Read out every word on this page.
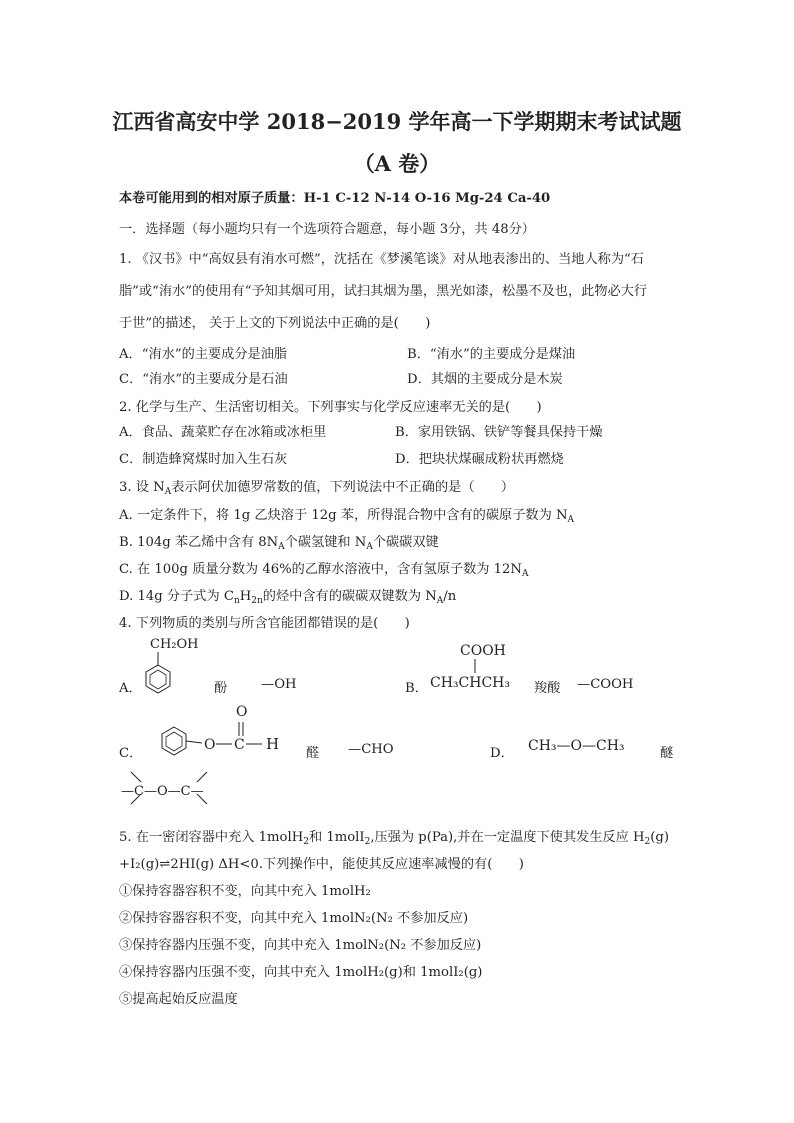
江西省高安中学 2018−2019 学年高一下学期期末考试试题
（A 卷）
本卷可能用到的相对原子质量：H-1 C-12 N-14 O-16 Mg-24 Ca-40
一．选择题（每小题均只有一个选项符合题意，每小题 3分，共 48分）
1. 《汉书》中“高奴县有洧水可燃”，沈括在《梦溪笔谈》对从地表渗出的、当地人称为“石
脂”或“洧水”的使用有“予知其烟可用，试扫其烟为墨，黑光如漆，松墨不及也，此物必大行
于世”的描述， 关于上文的下列说法中正确的是(　　)
A．“洧水”的主要成分是油脂	B．“洧水”的主要成分是煤油
C．“洧水”的主要成分是石油	D．其烟的主要成分是木炭
2. 化学与生产、生活密切相关。下列事实与化学反应速率无关的是(　　)
A．食品、蔬菜贮存在冰箱或冰柜里	B．家用铁锅、铁铲等餐具保持干燥
C．制造蜂窝煤时加入生石灰	D．把块状煤碾成粉状再燃烧
3. 设 $N_A$表示阿伏加德罗常数的值，下列说法中不正确的是（　　）
A. 一定条件下，将 1g 乙炔溶于 12g 苯，所得混合物中含有的碳原子数为 $N_A$
B. 104g 苯乙烯中含有 $8N_A$个碳氢键和 $N_A$个碳碳双键
C. 在 100g 质量分数为 46%的乙醇水溶液中，含有氢原子数为 $12N_A$
D. 14g 分子式为 $C_nH_{2n}$的烃中含有的碳碳双键数为 $N_A/n$
4. 下列物质的类别与所含官能团都错误的是(　　)
A．
CH₂OH
酚	—OH	B．
COOH
CH₃CHCH₃ 羧酸 —COOH
C．
O C
O
H
醛 —CHO	D． CH₃—O—CH₃	醚
—C—O—C—
5. 在一密闭容器中充入 1molH$_2$和 1molI$_2$,压强为 p(Pa),并在一定温度下使其发生反应 $H_2(g)$
+I₂(g)⇌2HI(g) ΔH<0.下列操作中，能使其反应速率减慢的有(　　)
①保持容器容积不变，向其中充入 1molH₂
②保持容器容积不变，向其中充入 1molN₂(N₂ 不参加反应)
③保持容器内压强不变，向其中充入 1molN₂(N₂ 不参加反应)
④保持容器内压强不变，向其中充入 1molH₂(g)和 1molI₂(g)
⑤提高起始反应温度
